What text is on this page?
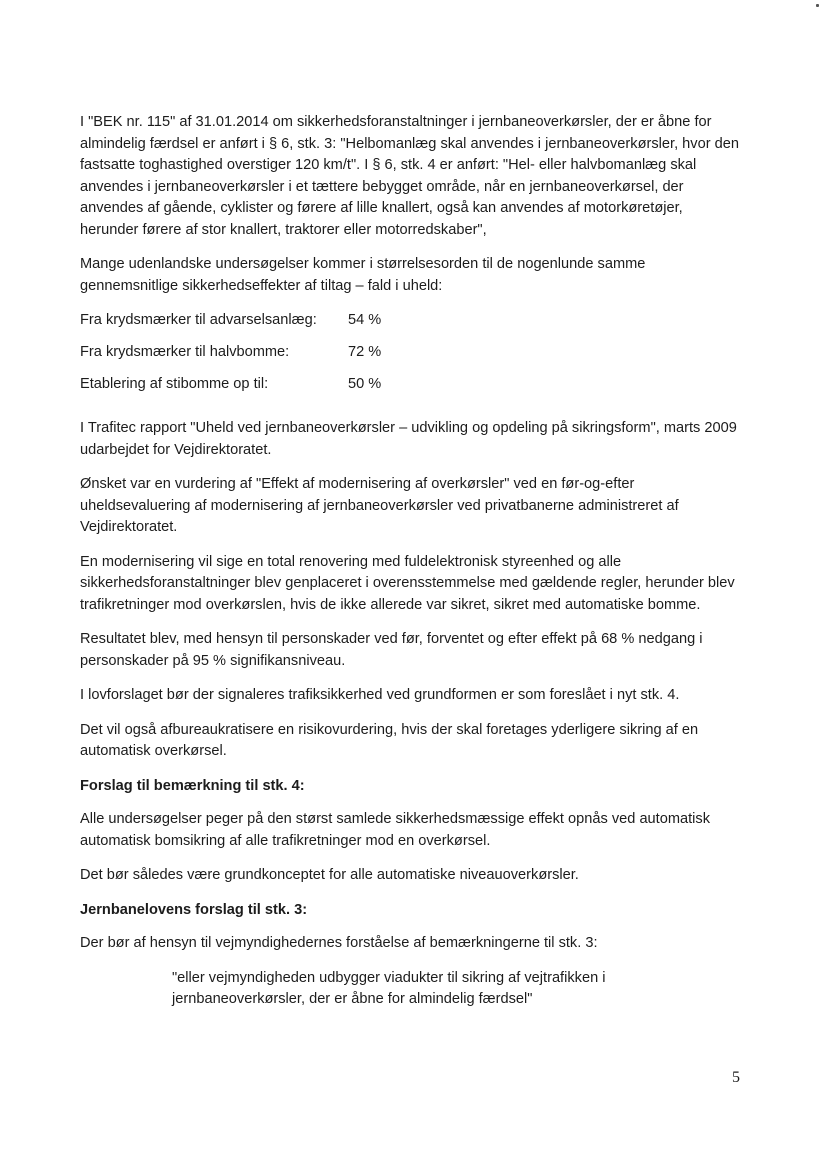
I "BEK nr. 115" af 31.01.2014 om sikkerhedsforanstaltninger i jernbaneoverkørsler, der er åbne for almindelig færdsel er anført i § 6, stk. 3: "Helbomanlæg skal anvendes i jernbaneoverkørsler, hvor den fastsatte toghastighed overstiger 120 km/t". I § 6, stk. 4 er anført: "Hel- eller halvbomanlæg skal anvendes i jernbaneoverkørsler i et tættere bebygget område, når en jernbaneoverkørsel, der anvendes af gående, cyklister og førere af lille knallert, også kan anvendes af motorkøretøjer, herunder førere af stor knallert, traktorer eller motorredskaber",

Mange udenlandske undersøgelser kommer i størrelsesorden til de nogenlunde samme gennemsnitlige sikkerhedseffekter af tiltag – fald i uheld:

Fra krydsmærker til advarselsanlæg:	54 %
Fra krydsmærker til halvbomme:	72 %
Etablering af stibomme op til:	50 %

I Trafitec rapport "Uheld ved jernbaneoverkørsler – udvikling og opdeling på sikringsform", marts 2009 udarbejdet for Vejdirektoratet.

Ønsket var en vurdering af "Effekt af modernisering af overkørsler" ved en før-og-efter uheldsevaluering af modernisering af jernbaneoverkørsler ved privatbanerne administreret af Vejdirektoratet.

En modernisering vil sige en total renovering med fuldelektronisk styreenhed og alle sikkerhedsforanstaltninger blev genplaceret i overensstemmelse med gældende regler, herunder blev trafikretninger mod overkørslen, hvis de ikke allerede var sikret, sikret med automatiske bomme.

Resultatet blev, med hensyn til personskader ved før, forventet og efter effekt på 68 % nedgang i personskader på 95 % signifikansniveau.

I lovforslaget bør der signaleres trafiksikkerhed ved grundformen er som foreslået i nyt stk. 4.

Det vil også afbureaukratisere en risikovurdering, hvis der skal foretages yderligere sikring af en automatisk overkørsel.

Forslag til bemærkning til stk. 4:

Alle undersøgelser peger på den størst samlede sikkerhedsmæssige effekt opnås ved automatisk automatisk bomsikring af alle trafikretninger mod en overkørsel.

Det bør således være grundkonceptet for alle automatiske niveauoverkørsler.

Jernbanelovens forslag til stk. 3:

Der bør af hensyn til vejmyndighedernes forståelse af bemærkningerne til stk. 3:

"eller vejmyndigheden udbygger viadukter til sikring af vejtrafikken i jernbaneoverkørsler, der er åbne for almindelig færdsel"

5
